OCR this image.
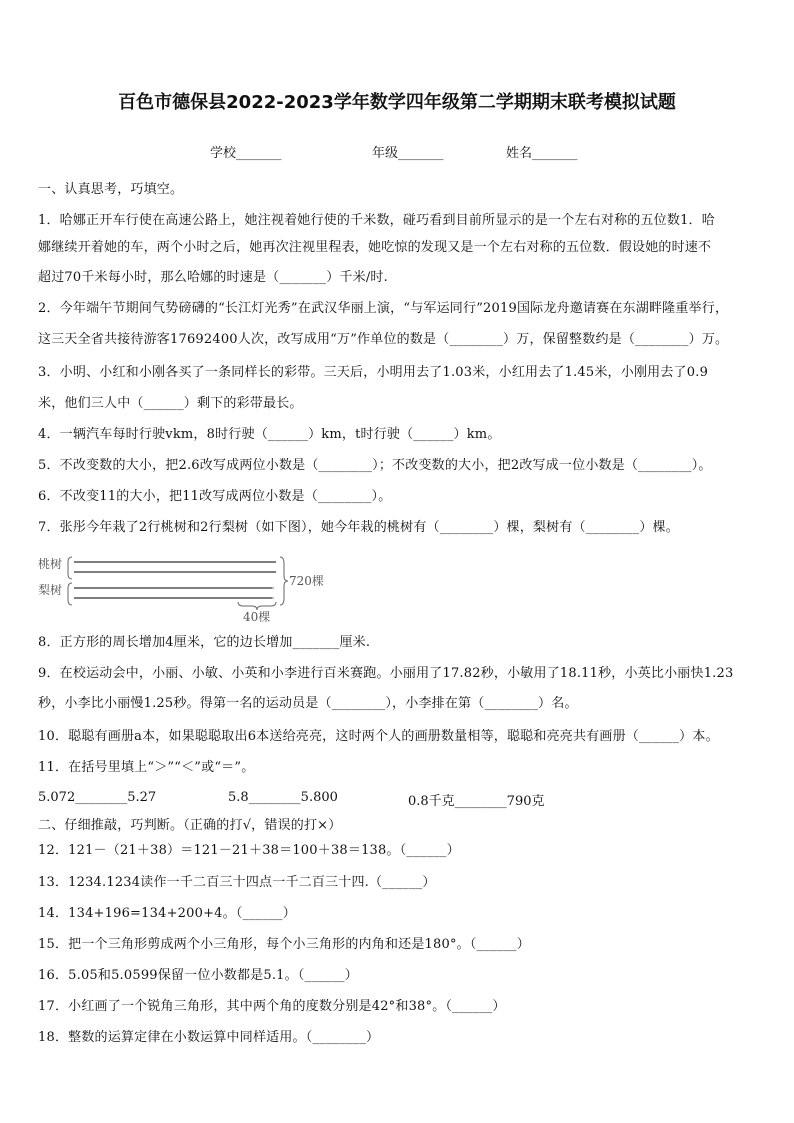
百色市德保县2022-2023学年数学四年级第二学期期末联考模拟试题
学校_______	年级_______	姓名_______
一、认真思考，巧填空。
1．哈娜正开车行使在高速公路上，她注视着她行使的千米数，碰巧看到目前所显示的是一个左右对称的五位数1．哈
娜继续开着她的车，两个小时之后，她再次注视里程表，她吃惊的发现又是一个左右对称的五位数．假设她的时速不
超过70千米每小时，那么哈娜的时速是（_______）千米/时.
2．今年端午节期间气势磅礴的“长江灯光秀”在武汉华丽上演，“与军运同行”2019国际龙舟邀请赛在东湖畔隆重举行，
这三天全省共接待游客17692400人次，改写成用“万”作单位的数是（________）万，保留整数约是（________）万。
3．小明、小红和小刚各买了一条同样长的彩带。三天后，小明用去了1.03米，小红用去了1.45米，小刚用去了0.9
米，他们三人中（______）剩下的彩带最长。
4．一辆汽车每时行驶vkm，8时行驶（______）km，t时行驶（______）km。
5．不改变数的大小，把2.6改写成两位小数是（________）；不改变数的大小，把2改写成一位小数是（________）。
6．不改变11的大小，把11改写成两位小数是（________）。
7．张彤今年栽了2行桃树和2行梨树（如下图），她今年栽的桃树有（________）棵，梨树有（________）棵。
桃树
梨树
720棵
40棵
8．正方形的周长增加4厘米，它的边长增加_______厘米.
9．在校运动会中，小丽、小敏、小英和小李进行百米赛跑。小丽用了17.82秒，小敏用了18.11秒，小英比小丽快1.23
秒，小李比小丽慢1.25秒。得第一名的运动员是（________），小李排在第（________）名。
10．聪聪有画册a本，如果聪聪取出6本送给亮亮，这时两个人的画册数量相等，聪聪和亮亮共有画册（______）本。
11．在括号里填上“＞”“＜”或“＝”。
5.072________5.27	5.8________5.800	0.8千克________790克
二、仔细推敲，巧判断。（正确的打√，错误的打×）
12．121－（21＋38）＝121－21＋38＝100＋38＝138。（______）
13．1234.1234读作一千二百三十四点一千二百三十四.（______）
14．134+196=134+200+4。（______）
15．把一个三角形剪成两个小三角形，每个小三角形的内角和还是180°。（______）
16．5.05和5.0599保留一位小数都是5.1。（______）
17．小红画了一个锐角三角形，其中两个角的度数分别是42°和38°。（______）
18．整数的运算定律在小数运算中同样适用。（________）
